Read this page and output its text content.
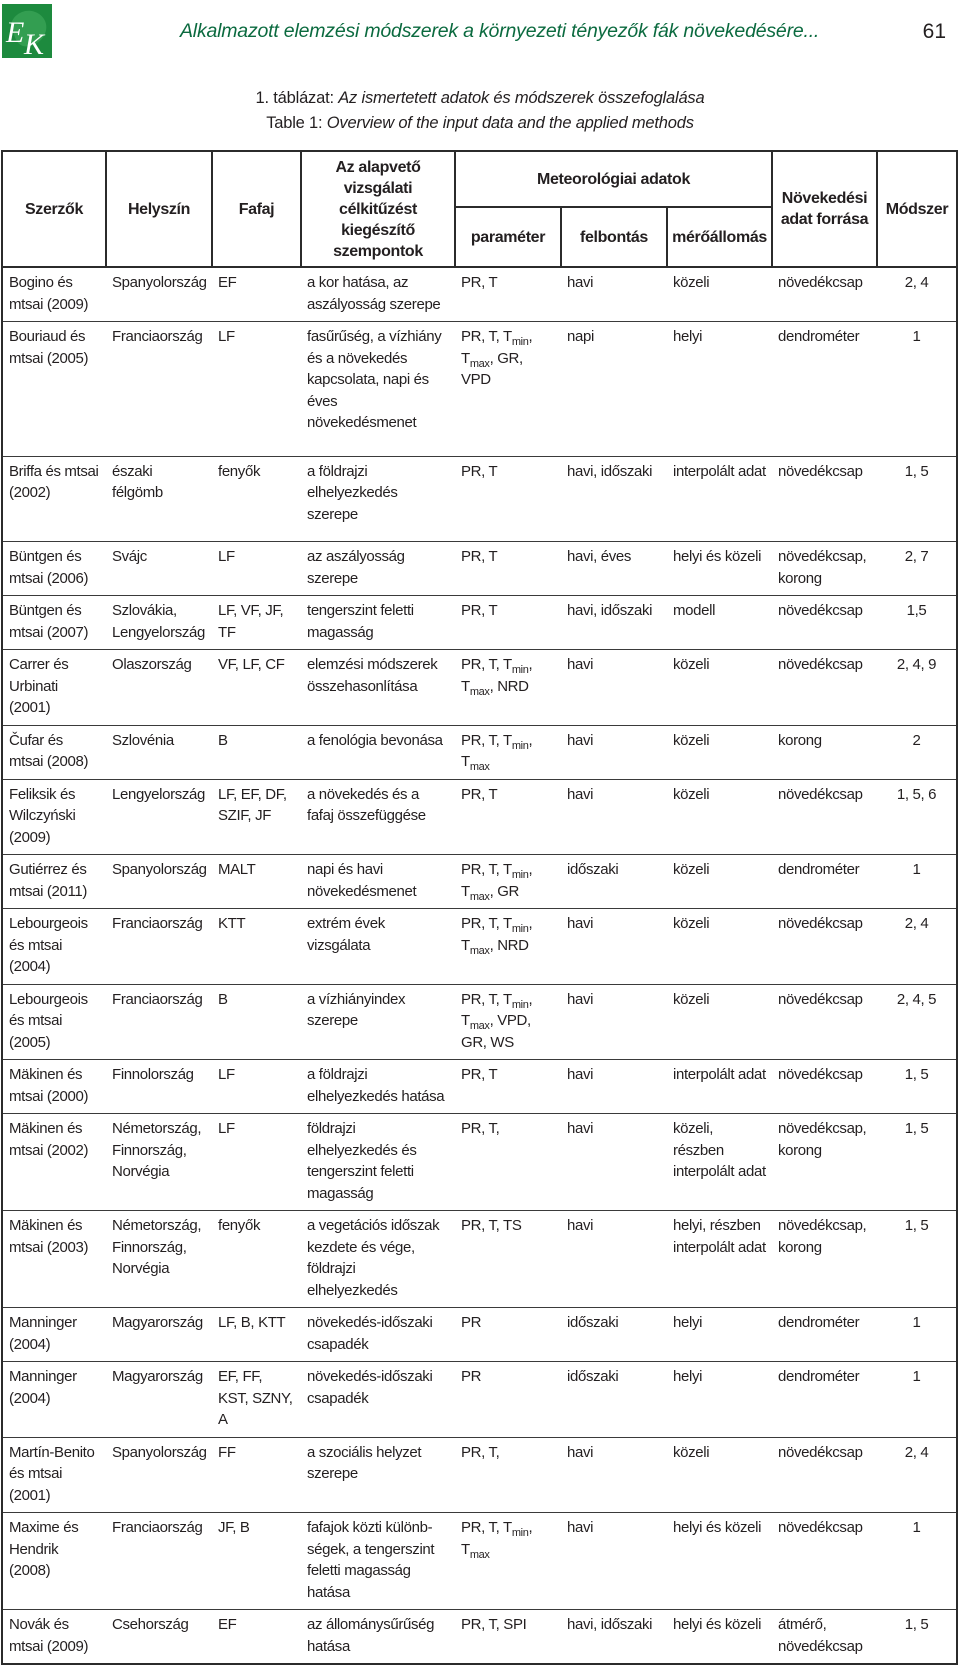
E K	Alkalmazott elemzési módszerek a környezeti tényezők fák növekedésére...	61
1. táblázat: Az ismertetett adatok és módszerek összefoglalása
Table 1: Overview of the input data and the applied methods
Szerzők	Helyszín	Fafaj	Az alapvető vizsgálati célkitűzést kiegészítő szempontok	Meteorológiai adatok			Növekedési adat forrása	Módszer
				paraméter	felbontás	mérőállomás		
Bogino és mtsai (2009)	Spanyolország	EF	a kor hatása, az aszályosság szerepe	PR, T	havi	közeli	növedékcsap	2, 4
Bouriaud és mtsai (2005)	Franciaország	LF	fasűrűség, a vízhiány és a növekedés kapcsolata, napi és éves növekedésmenet	PR, T, $T_{min}$, $T_{max}$, GR, VPD	napi	helyi	dendrométer	1
Briffa és mtsai (2002)	északi félgömb	fenyők	a földrajzi elhelyezkedés szerepe	PR, T	havi, időszaki	interpolált adat	növedékcsap	1, 5
Büntgen és mtsai (2006)	Svájc	LF	az aszályosság szerepe	PR, T	havi, éves	helyi és közeli	növedékcsap, korong	2, 7
Büntgen és mtsai (2007)	Szlovákia, Lengyelország	LF, VF, JF, TF	tengerszint feletti magasság	PR, T	havi, időszaki	modell	növedékcsap	1,5
Carrer és Urbinati (2001)	Olaszország	VF, LF, CF	elemzési módszerek összehasonlítása	PR, T, $T_{min}$, $T_{max}$, NRD	havi	közeli	növedékcsap	2, 4, 9
Čufar és mtsai (2008)	Szlovénia	B	a fenológia bevonása	PR, T, $T_{min}$, $T_{max}$	havi	közeli	korong	2
Feliksik és Wilczyński (2009)	Lengyelország	LF, EF, DF, SZIF, JF	a növekedés és a fafaj összefüggése	PR, T	havi	közeli	növedékcsap	1, 5, 6
Gutiérrez és mtsai (2011)	Spanyolország	MALT	napi és havi növekedésmenet	PR, T, $T_{min}$, $T_{max}$, GR	időszaki	közeli	dendrométer	1
Lebourgeois és mtsai (2004)	Franciaország	KTT	extrém évek vizsgálata	PR, T, $T_{min}$, $T_{max}$, NRD	havi	közeli	növedékcsap	2, 4
Lebourgeois és mtsai (2005)	Franciaország	B	a vízhiányindex szerepe	PR, T, $T_{min}$, $T_{max}$, VPD, GR, WS	havi	közeli	növedékcsap	2, 4, 5
Mäkinen és mtsai (2000)	Finnolország	LF	a földrajzi elhelyezkedés hatása	PR, T	havi	interpolált adat	növedékcsap	1, 5
Mäkinen és mtsai (2002)	Németország, Finnország, Norvégia	LF	földrajzi elhelyezkedés és tengerszint feletti magasság	PR, T,	havi	közeli, részben interpolált adat	növedékcsap, korong	1, 5
Mäkinen és mtsai (2003)	Németország, Finnország, Norvégia	fenyők	a vegetációs időszak kezdete és vége, földrajzi elhelyezkedés	PR, T, TS	havi	helyi, részben interpolált adat	növedékcsap, korong	1, 5
Manninger (2004)	Magyarország	LF, B, KTT	növekedés-időszaki csapadék	PR	időszaki	helyi	dendrométer	1
Manninger (2004)	Magyarország	EF, FF, KST, SZNY, A	növekedés-időszaki csapadék	PR	időszaki	helyi	dendrométer	1
Martín-Benito és mtsai (2001)	Spanyolország	FF	a szociális helyzet szerepe	PR, T,	havi	közeli	növedékcsap	2, 4
Maxime és Hendrik (2008)	Franciaország	JF, B	fafajok közti különb-ségek, a tengerszint feletti magasság hatása	PR, T, $T_{min}$, $T_{max}$	havi	helyi és közeli	növedékcsap	1
Novák és mtsai (2009)	Csehország	EF	az állománysűrűség hatása	PR, T, SPI	havi, időszaki	helyi és közeli	átmérő, növedékcsap	1, 5
